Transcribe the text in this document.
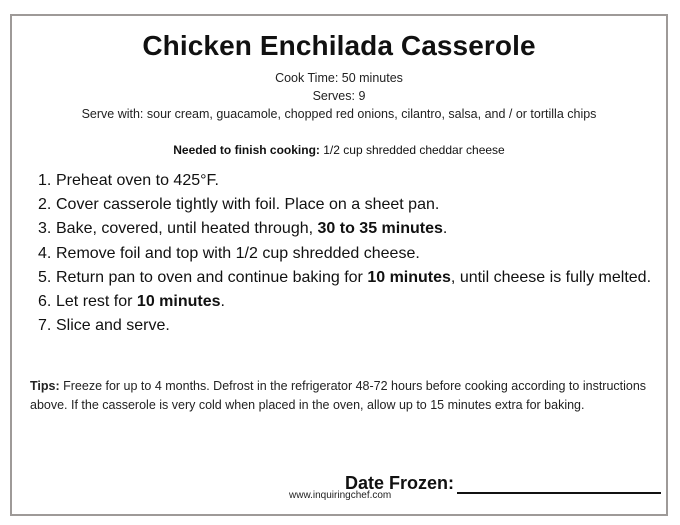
Chicken Enchilada Casserole
Cook Time: 50 minutes
Serves: 9
Serve with: sour cream, guacamole, chopped red onions, cilantro, salsa, and / or tortilla chips
Needed to finish cooking: 1/2 cup shredded cheddar cheese
1. Preheat oven to 425°F.
2. Cover casserole tightly with foil. Place on a sheet pan.
3. Bake, covered, until heated through, 30 to 35 minutes.
4. Remove foil and top with 1/2 cup shredded cheese.
5. Return pan to oven and continue baking for 10 minutes, until cheese is fully melted.
6. Let rest for 10 minutes.
7. Slice and serve.
Tips: Freeze for up to 4 months. Defrost in the refrigerator 48-72 hours before cooking according to instructions above. If the casserole is very cold when placed in the oven, allow up to 15 minutes extra for baking.
Date Frozen:
www.inquiringchef.com
